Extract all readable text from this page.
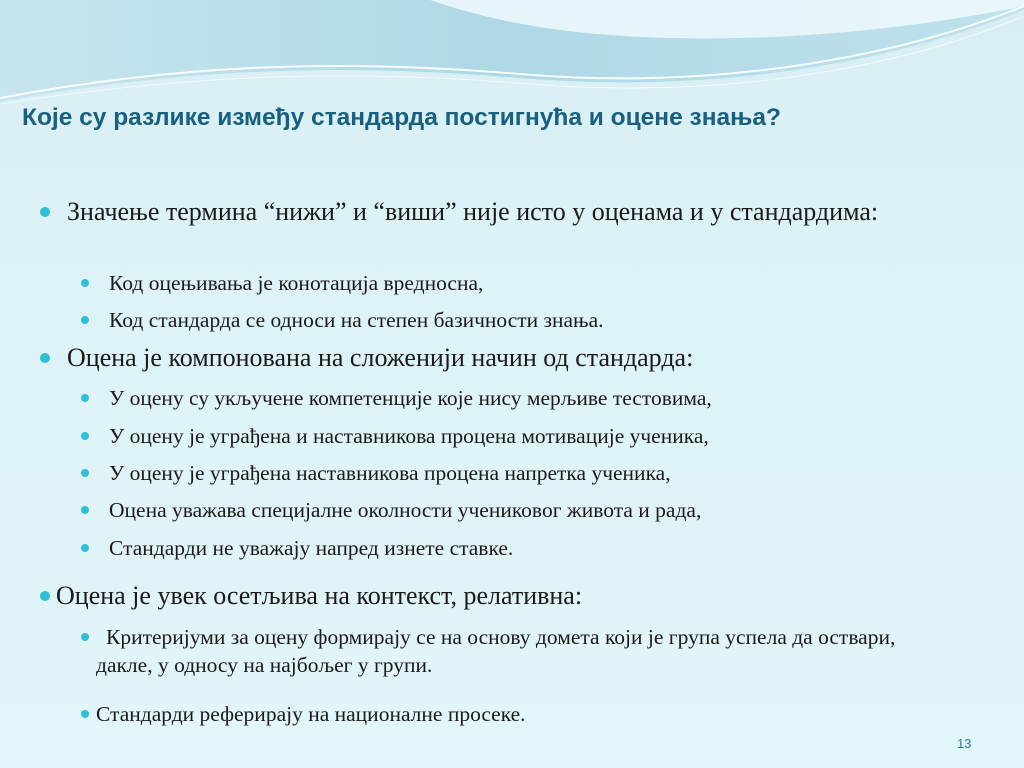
Које су разлике између стандарда постигнућа и оцене знања?
Значење термина “нижи” и “виши” није исто у оценама и у стандардима:
Код оцењивања је конотација вредносна,
Код стандарда се односи на степен базичности знања.
Оцена је компонована на сложенији начин од стандарда:
У оцену су укључене компетенције које нису мерљиве тестовима,
У оцену је уграђена и наставникова процена мотивације ученика,
У оцену је уграђена наставникова процена напретка ученика,
Оцена уважава специјалне околности учениковог живота и рада,
Стандарди не уважају напред изнете ставке.
Оцена је увек осетљива на контекст, релативна:
Критеријуми за оцену формирају се на основу домета који је група успела да оствари, дакле, у односу на најбољег у групи.
Стандарди реферирају на националне просеке.
13
